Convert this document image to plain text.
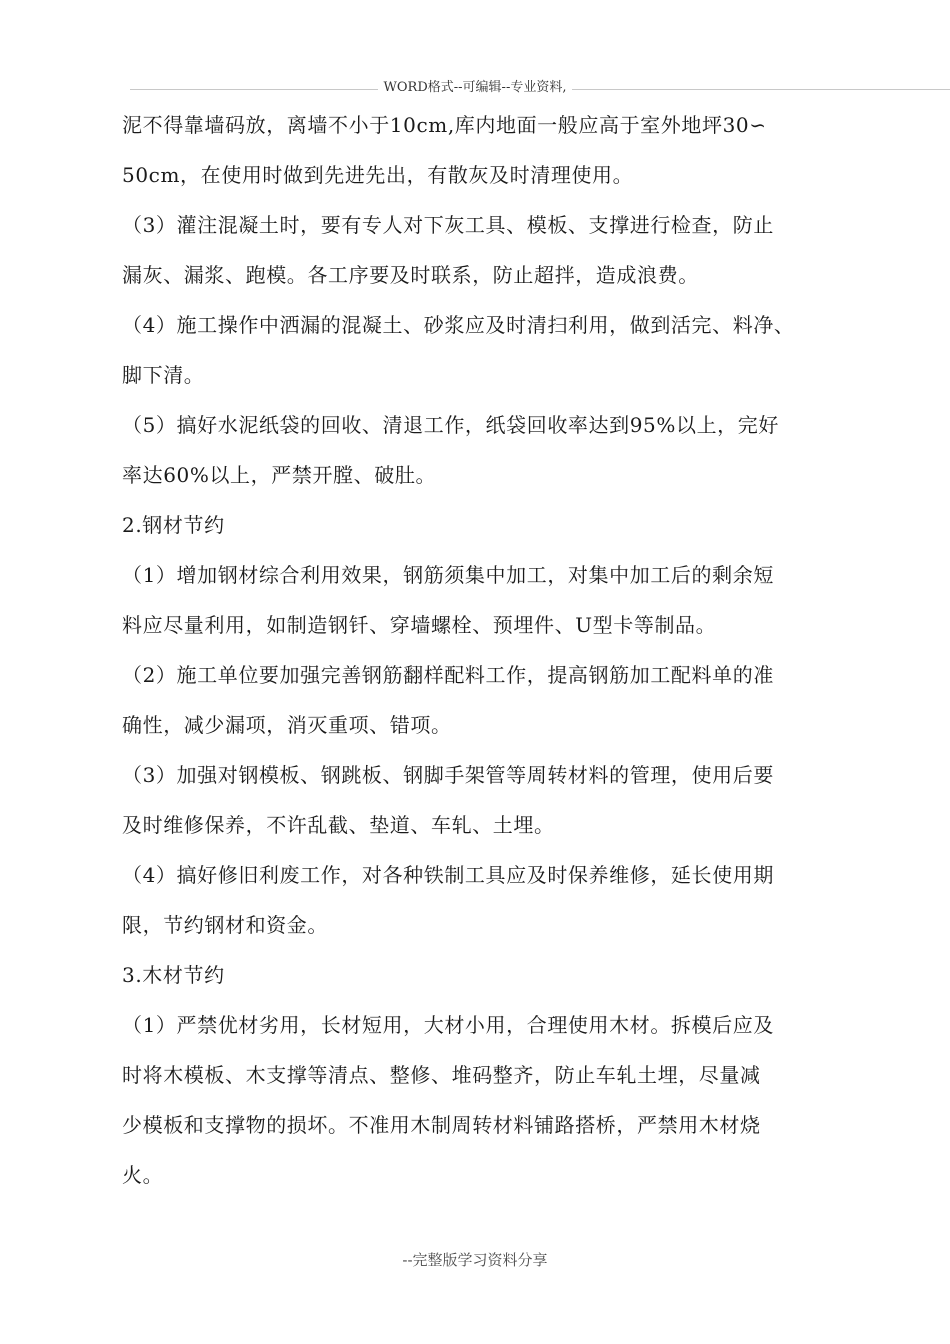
WORD格式--可编辑--专业资料,
泥不得靠墙码放，离墙不小于10cm,库内地面一般应高于室外地坪30∽
50cm，在使用时做到先进先出，有散灰及时清理使用。
（3）灌注混凝土时，要有专人对下灰工具、模板、支撑进行检查，防止
漏灰、漏浆、跑模。各工序要及时联系，防止超拌，造成浪费。
（4）施工操作中洒漏的混凝土、砂浆应及时清扫利用，做到活完、料净、
脚下清。
（5）搞好水泥纸袋的回收、清退工作，纸袋回收率达到95%以上，完好
率达60%以上，严禁开膛、破肚。
2.钢材节约
（1）增加钢材综合利用效果，钢筋须集中加工，对集中加工后的剩余短
料应尽量利用，如制造钢钎、穿墙螺栓、预埋件、U型卡等制品。
（2）施工单位要加强完善钢筋翻样配料工作，提高钢筋加工配料单的准
确性，减少漏项，消灭重项、错项。
（3）加强对钢模板、钢跳板、钢脚手架管等周转材料的管理，使用后要
及时维修保养，不许乱截、垫道、车轧、土埋。
（4）搞好修旧利废工作，对各种铁制工具应及时保养维修，延长使用期
限，节约钢材和资金。
3.木材节约
（1）严禁优材劣用，长材短用，大材小用，合理使用木材。拆模后应及
时将木模板、木支撑等清点、整修、堆码整齐，防止车轧土埋，尽量减
少模板和支撑物的损坏。不准用木制周转材料铺路搭桥，严禁用木材烧
火。
--完整版学习资料分享
